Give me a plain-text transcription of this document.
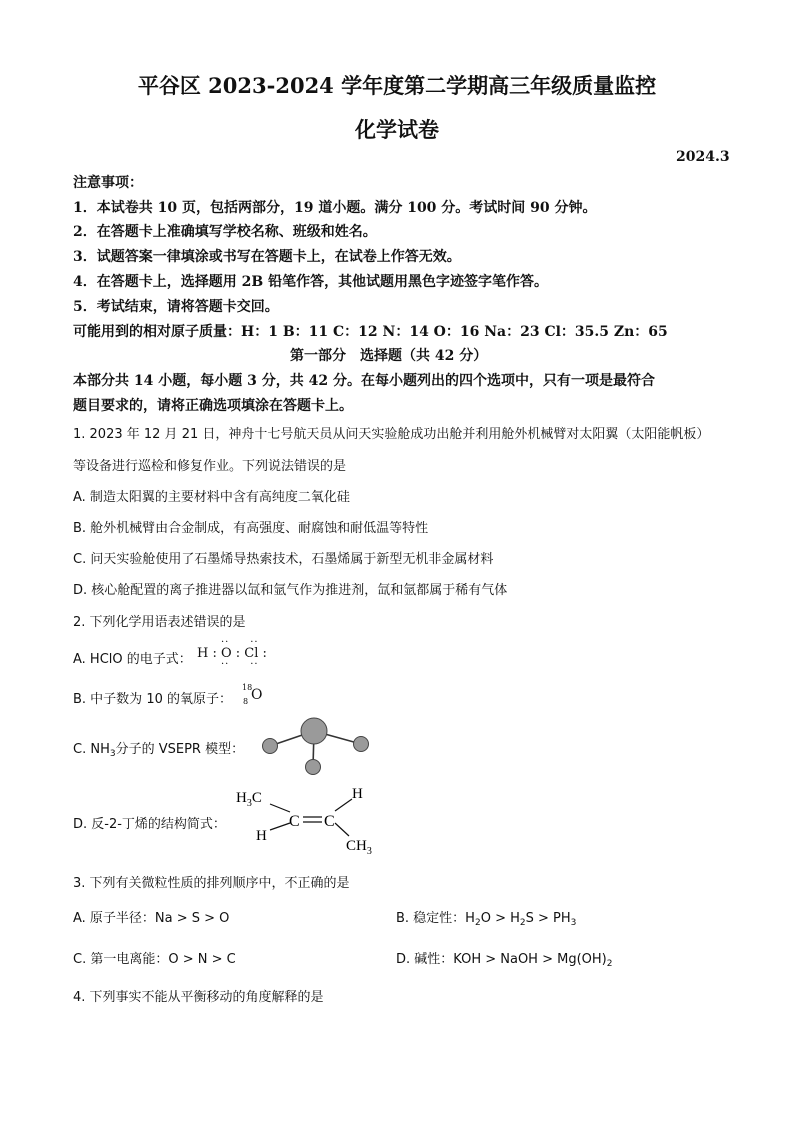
平谷区 2023-2024 学年度第二学期高三年级质量监控
化学试卷
2024.3
注意事项：
1．本试卷共 10 页，包括两部分，19 道小题。满分 100 分。考试时间 90 分钟。
2．在答题卡上准确填写学校名称、班级和姓名。
3．试题答案一律填涂或书写在答题卡上，在试卷上作答无效。
4．在答题卡上，选择题用 2B 铅笔作答，其他试题用黑色字迹签字笔作答。
5．考试结束，请将答题卡交回。
可能用到的相对原子质量：H：1 B：11 C：12 N：14 O：16 Na：23 Cl：35.5 Zn：65
第一部分　选择题（共 42 分）
本部分共 14 小题，每小题 3 分，共 42 分。在每小题列出的四个选项中，只有一项是最符合
题目要求的，请将正确选项填涂在答题卡上。
1. 2023 年 12 月 21 日，神舟十七号航天员从问天实验舱成功出舱并利用舱外机械臂对太阳翼（太阳能帆板）
等设备进行巡检和修复作业。下列说法错误的是
A. 制造太阳翼的主要材料中含有高纯度二氧化硅
B. 舱外机械臂由合金制成，有高强度、耐腐蚀和耐低温等特性
C. 问天实验舱使用了石墨烯导热索技术，石墨烯属于新型无机非金属材料
D. 核心舱配置的离子推进器以氙和氩气作为推进剂，氙和氩都属于稀有气体
2. 下列化学用语表述错误的是
A. HClO 的电子式： H : O : Cl :
··     ··
··     ··
B. 中子数为 10 的氧原子：
18
8 O
C. $NH_3$分子的 VSEPR 模型：
D. 反-2-丁烯的结构简式：
$H_3C$	H
H
$CH_3$
C C
3. 下列有关微粒性质的排列顺序中，不正确的是
A. 原子半径：Na > S > O	B. 稳定性：$H_2O > H_2S > PH_3$
C. 第一电离能：O > N > C	D. 碱性：KOH > NaOH > $Mg(OH)_2$
4. 下列事实不能从平衡移动的角度解释的是
